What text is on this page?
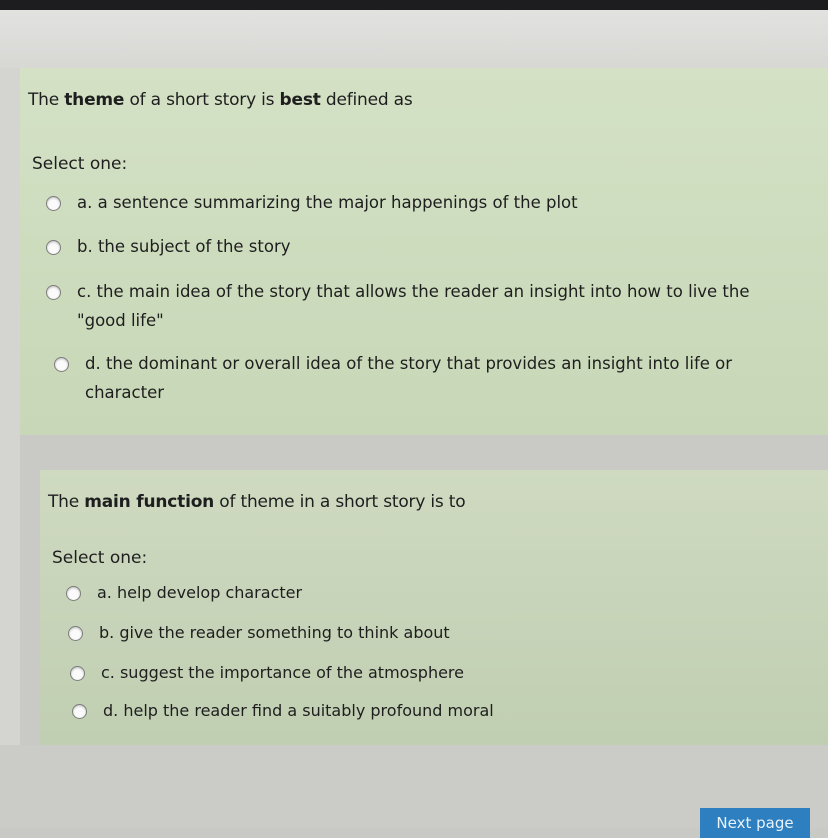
The theme of a short story is best defined as
Select one:
a. a sentence summarizing the major happenings of the plot
b. the subject of the story
c. the main idea of the story that allows the reader an insight into how to live the "good life"
d. the dominant or overall idea of the story that provides an insight into life or character
The main function of theme in a short story is to
Select one:
a. help develop character
b. give the reader something to think about
c. suggest the importance of the atmosphere
d. help the reader find a suitably profound moral
Next page
